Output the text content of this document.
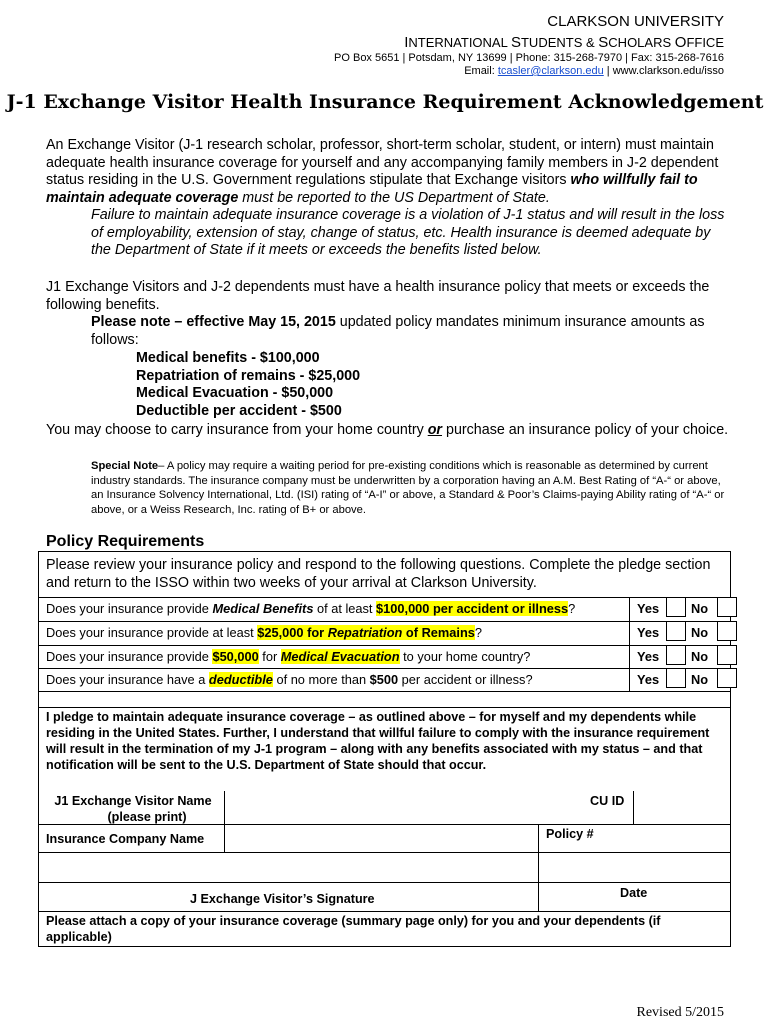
CLARKSON UNIVERSITY
INTERNATIONAL STUDENTS & SCHOLARS OFFICE
PO Box 5651 | Potsdam, NY 13699 | Phone: 315-268-7970 | Fax: 315-268-7616
Email: tcasler@clarkson.edu | www.clarkson.edu/isso
J-1 Exchange Visitor Health Insurance Requirement Acknowledgement
An Exchange Visitor (J-1 research scholar, professor, short-term scholar, student, or intern) must maintain adequate health insurance coverage for yourself and any accompanying family members in J-2 dependent status residing in the U.S. Government regulations stipulate that Exchange visitors who willfully fail to maintain adequate coverage must be reported to the US Department of State.
Failure to maintain adequate insurance coverage is a violation of J-1 status and will result in the loss of employability, extension of stay, change of status, etc. Health insurance is deemed adequate by the Department of State if it meets or exceeds the benefits listed below.
J1 Exchange Visitors and J-2 dependents must have a health insurance policy that meets or exceeds the following benefits.
Please note – effective May 15, 2015 updated policy mandates minimum insurance amounts as follows:
Medical benefits - $100,000
Repatriation of remains - $25,000
Medical Evacuation - $50,000
Deductible per accident - $500
You may choose to carry insurance from your home country or purchase an insurance policy of your choice.
Special Note– A policy may require a waiting period for pre-existing conditions which is reasonable as determined by current industry standards. The insurance company must be underwritten by a corporation having an A.M. Best Rating of “A-“ or above, an Insurance Solvency International, Ltd. (ISI) rating of “A-I” or above, a Standard & Poor’s Claims-paying Ability rating of “A-“ or above, or a Weiss Research, Inc. rating of B+ or above.
Policy Requirements
Please review your insurance policy and respond to the following questions. Complete the pledge section and return to the ISSO within two weeks of your arrival at Clarkson University.
Does your insurance provide Medical Benefits of at least $100,000 per accident or illness?
Does your insurance provide at least $25,000 for Repatriation of Remains?
Does your insurance provide $50,000 for Medical Evacuation to your home country?
Does your insurance have a deductible of no more than $500 per accident or illness?
Yes No
Yes No
Yes No
Yes No
I pledge to maintain adequate insurance coverage – as outlined above – for myself and my dependents while residing in the United States. Further, I understand that willful failure to comply with the insurance requirement will result in the termination of my J-1 program – along with any benefits associated with my status – and that notification will be sent to the U.S. Department of State should that occur.
J1 Exchange Visitor Name
(please print)
CU ID
Insurance Company Name	Policy #
J Exchange Visitor’s Signature	Date
Please attach a copy of your insurance coverage (summary page only) for you and your dependents (if applicable)
Revised 5/2015
